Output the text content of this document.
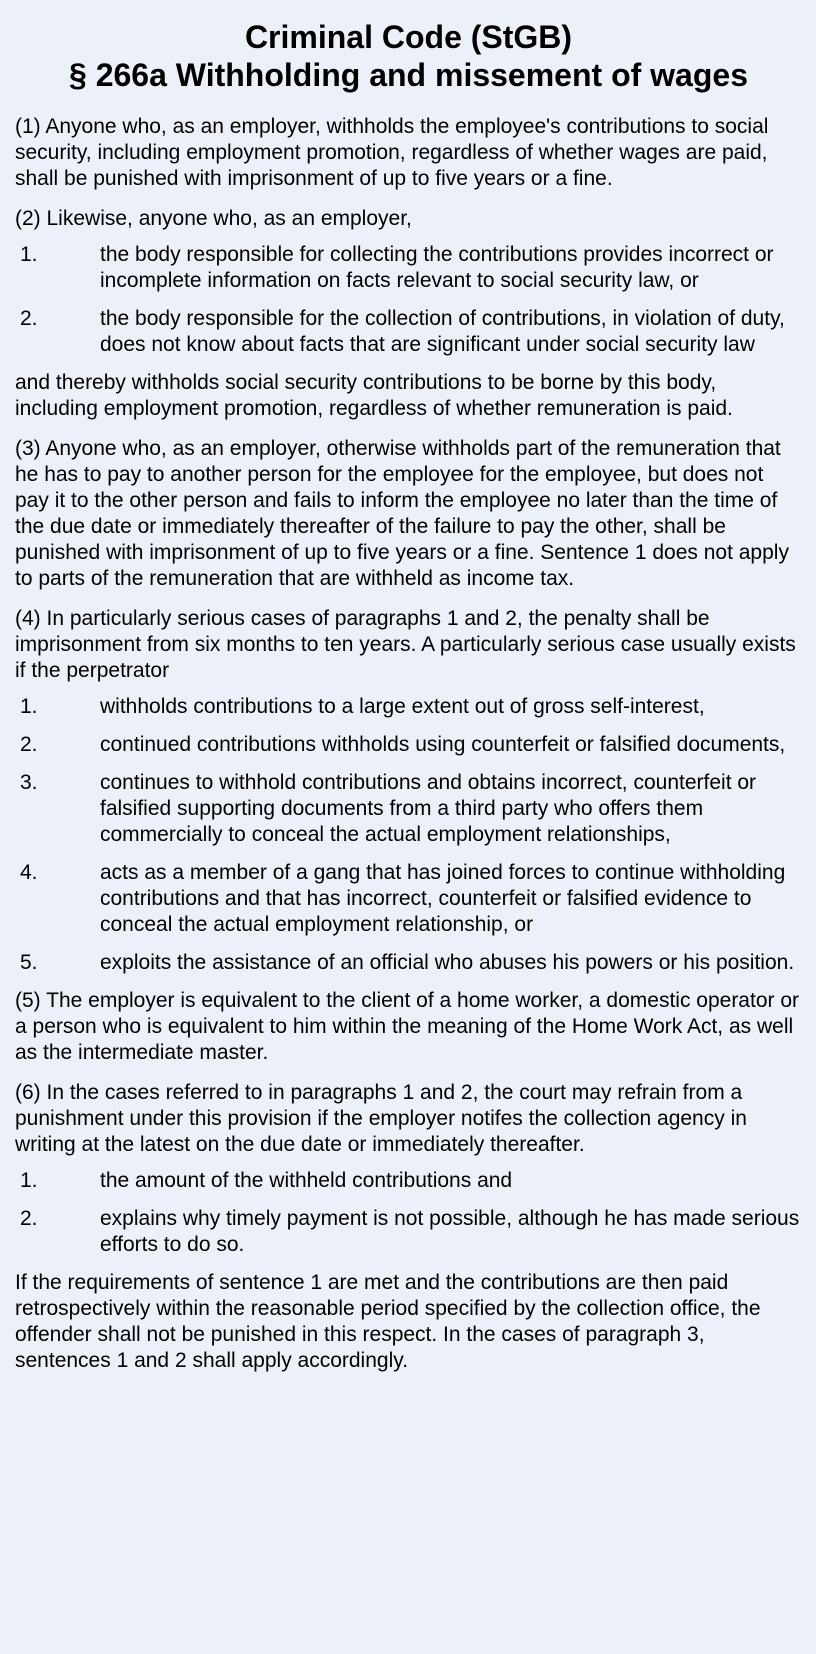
Criminal Code (StGB)
§ 266a Withholding and missement of wages

(1) Anyone who, as an employer, withholds the employee's contributions to social security, including employment promotion, regardless of whether wages are paid, shall be punished with imprisonment of up to five years or a fine.

(2) Likewise, anyone who, as an employer,

1.	the body responsible for collecting the contributions provides incorrect or incomplete information on facts relevant to social security law, or
2.	the body responsible for the collection of contributions, in violation of duty, does not know about facts that are significant under social security law

and thereby withholds social security contributions to be borne by this body, including employment promotion, regardless of whether remuneration is paid.

(3) Anyone who, as an employer, otherwise withholds part of the remuneration that he has to pay to another person for the employee for the employee, but does not pay it to the other person and fails to inform the employee no later than the time of the due date or immediately thereafter of the failure to pay the other, shall be punished with imprisonment of up to five years or a fine. Sentence 1 does not apply to parts of the remuneration that are withheld as income tax.

(4) In particularly serious cases of paragraphs 1 and 2, the penalty shall be imprisonment from six months to ten years. A particularly serious case usually exists if the perpetrator

1.	withholds contributions to a large extent out of gross self-interest,
2.	continued contributions withholds using counterfeit or falsified documents,
3.	continues to withhold contributions and obtains incorrect, counterfeit or falsified supporting documents from a third party who offers them commercially to conceal the actual employment relationships,
4.	acts as a member of a gang that has joined forces to continue withholding contributions and that has incorrect, counterfeit or falsified evidence to conceal the actual employment relationship, or
5.	exploits the assistance of an official who abuses his powers or his position.

(5) The employer is equivalent to the client of a home worker, a domestic operator or a person who is equivalent to him within the meaning of the Home Work Act, as well as the intermediate master.

(6) In the cases referred to in paragraphs 1 and 2, the court may refrain from a punishment under this provision if the employer notifes the collection agency in writing at the latest on the due date or immediately thereafter.

1.	the amount of the withheld contributions and
2.	explains why timely payment is not possible, although he has made serious efforts to do so.

If the requirements of sentence 1 are met and the contributions are then paid retrospectively within the reasonable period specified by the collection office, the offender shall not be punished in this respect. In the cases of paragraph 3, sentences 1 and 2 shall apply accordingly.
